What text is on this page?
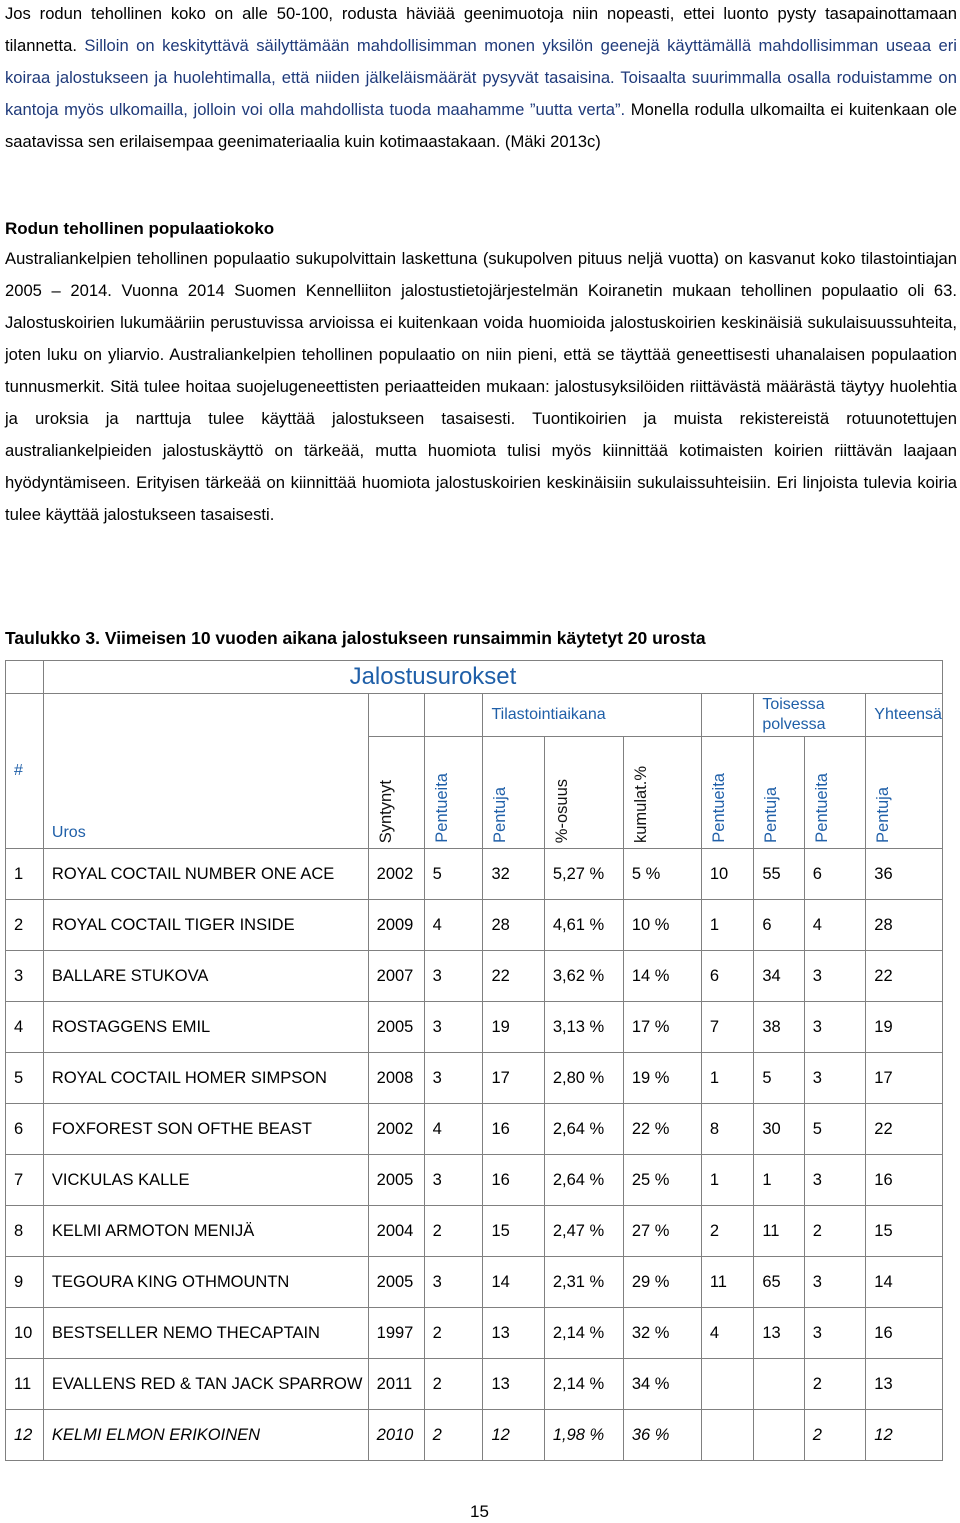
Jos rodun tehollinen koko on alle 50-100, rodusta häviää geenimuotoja niin nopeasti, ettei luonto pysty tasapainottamaan tilannetta. Silloin on keskityttävä säilyttämään mahdollisimman monen yksilön geenejä käyttämällä mahdollisimman useaa eri koiraa jalostukseen ja huolehtimalla, että niiden jälkeläismäärät pysyvät tasaisina. Toisaalta suurimmalla osalla roduistamme on kantoja myös ulkomailla, jolloin voi olla mahdollista tuoda maahamme ”uutta verta”. Monella rodulla ulkomailta ei kuitenkaan ole saatavissa sen erilaisempaa geenimateriaalia kuin kotimaastakaan. (Mäki 2013c)

Rodun tehollinen populaatiokoko

Australiankelpien tehollinen populaatio sukupolvittain laskettuna (sukupolven pituus neljä vuotta) on kasvanut koko tilastointiajan 2005 – 2014. Vuonna 2014 Suomen Kennelliiton jalostustietojärjestelmän Koiranetin mukaan tehollinen populaatio oli 63. Jalostuskoirien lukumääriin perustuvissa arvioissa ei kuitenkaan voida huomioida jalostuskoirien keskinäisiä sukulaisuussuhteita, joten luku on yliarvio. Australiankelpien tehollinen populaatio on niin pieni, että se täyttää geneettisesti uhanalaisen populaation tunnusmerkit. Sitä tulee hoitaa suojelugeneettisten periaatteiden mukaan: jalostusyksilöiden riittävästä määrästä täytyy huolehtia ja uroksia ja narttuja tulee käyttää jalostukseen tasaisesti. Tuontikoirien ja muista rekistereistä rotuunotettujen australiankelpieiden jalostuskäyttö on tärkeää, mutta huomiota tulisi myös kiinnittää kotimaisten koirien riittävän laajaan hyödyntämiseen. Erityisen tärkeää on kiinnittää huomiota jalostuskoirien keskinäisiin sukulaissuhteisiin. Eri linjoista tulevia koiria tulee käyttää jalostukseen tasaisesti.

Taulukko 3. Viimeisen 10 vuoden aikana jalostukseen runsaimmin käytetyt 20 urosta
	Jalostusurokset									
#	Uros			Tilastointiaikana				Toisessa polvessa		Yhteensä
		Syntynyt	Pentueita	Pentuja	%-osuus	kumulat.%	Pentueita	Pentuja	Pentueita	Pentuja
1	ROYAL COCTAIL NUMBER ONE ACE	2002	5	32	5,27 %	5 %	10	55	6	36
2	ROYAL COCTAIL TIGER INSIDE	2009	4	28	4,61 %	10 %	1	6	4	28
3	BALLARE STUKOVA	2007	3	22	3,62 %	14 %	6	34	3	22
4	ROSTAGGENS EMIL	2005	3	19	3,13 %	17 %	7	38	3	19
5	ROYAL COCTAIL HOMER SIMPSON	2008	3	17	2,80 %	19 %	1	5	3	17
6	FOXFOREST SON OFTHE BEAST	2002	4	16	2,64 %	22 %	8	30	5	22
7	VICKULAS KALLE	2005	3	16	2,64 %	25 %	1	1	3	16
8	KELMI ARMOTON MENIJÄ	2004	2	15	2,47 %	27 %	2	11	2	15
9	TEGOURA KING OTHMOUNTN	2005	3	14	2,31 %	29 %	11	65	3	14
10	BESTSELLER NEMO THECAPTAIN	1997	2	13	2,14 %	32 %	4	13	3	16
11	EVALLENS RED & TAN JACK SPARROW	2011	2	13	2,14 %	34 %			2	13
12	KELMI ELMON ERIKOINEN	2010	2	12	1,98 %	36 %			2	12
15
